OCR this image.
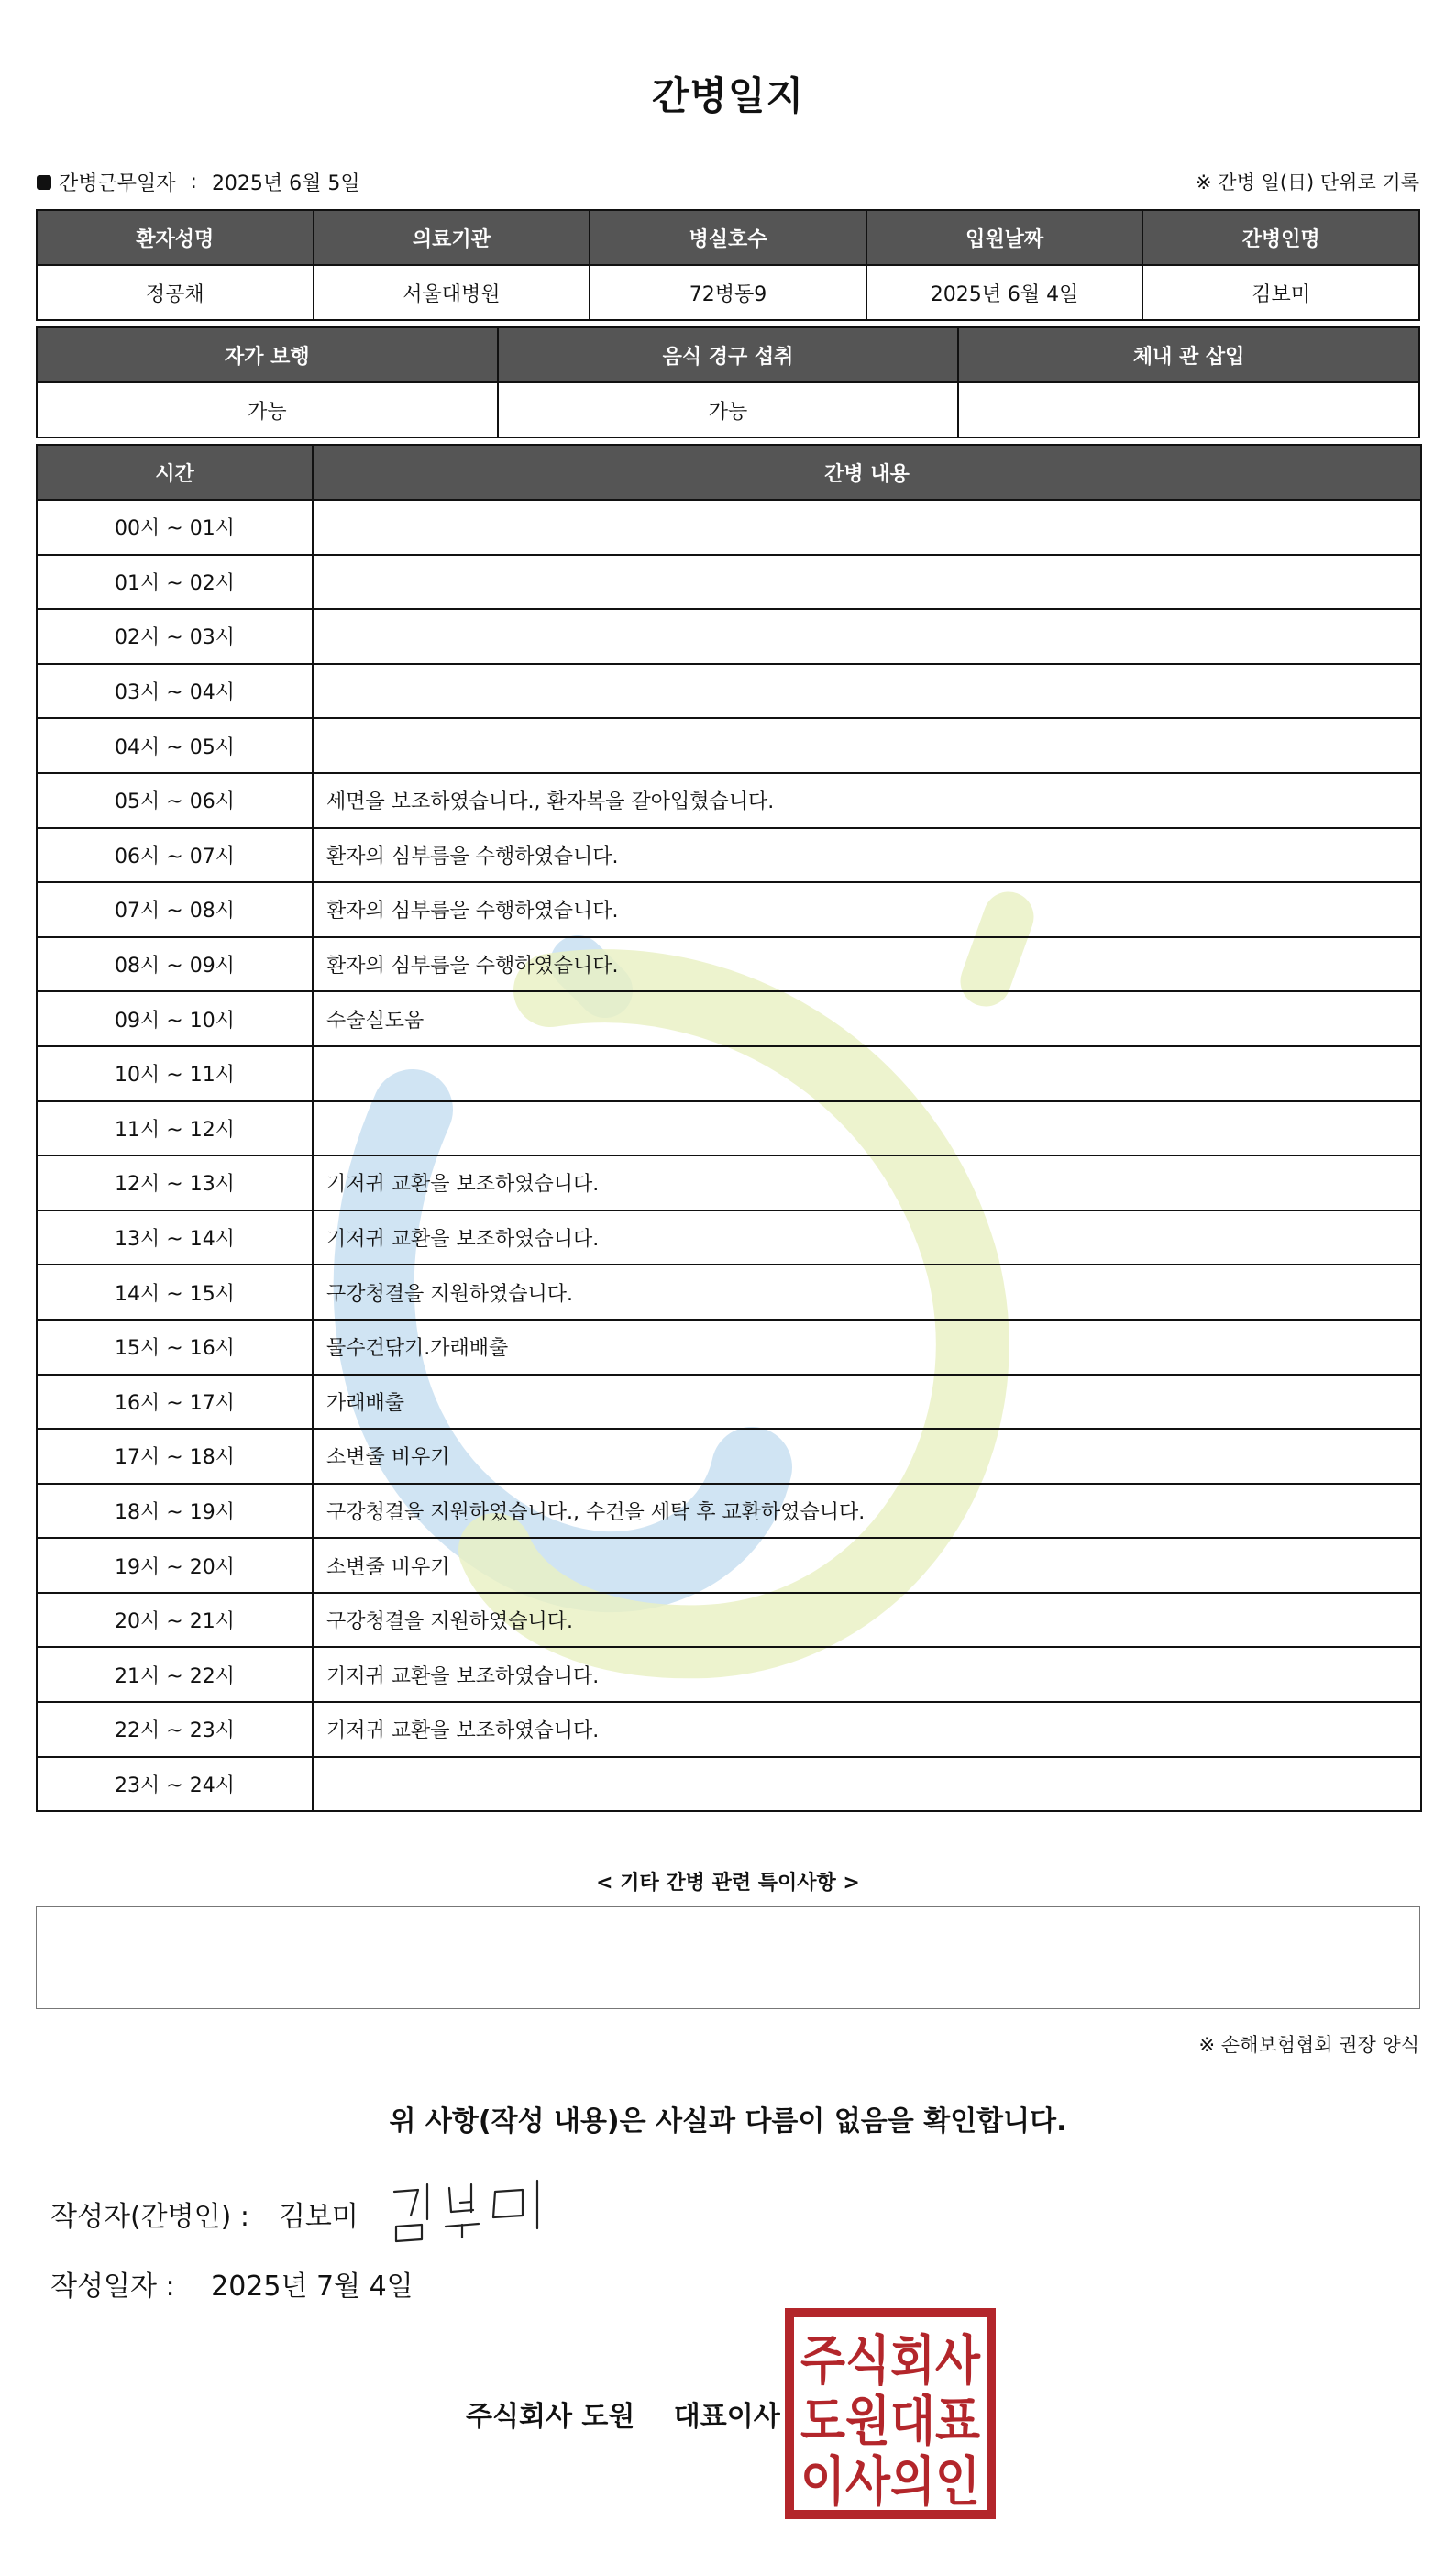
간병일지
간병근무일자 : 2025년 6월 5일	※ 간병 일(日) 단위로 기록
환자성명	의료기관	병실호수	입원날짜	간병인명
정공채	서울대병원	72병동9	2025년 6월 4일	김보미
자가 보행	음식 경구 섭취	체내 관 삽입
가능	가능	
시간	간병 내용
00시 ~ 01시	
01시 ~ 02시	
02시 ~ 03시	
03시 ~ 04시	
04시 ~ 05시	
05시 ~ 06시	세면을 보조하였습니다., 환자복을 갈아입혔습니다.
06시 ~ 07시	환자의 심부름을 수행하였습니다.
07시 ~ 08시	환자의 심부름을 수행하였습니다.
08시 ~ 09시	환자의 심부름을 수행하였습니다.
09시 ~ 10시	수술실도움
10시 ~ 11시	
11시 ~ 12시	
12시 ~ 13시	기저귀 교환을 보조하였습니다.
13시 ~ 14시	기저귀 교환을 보조하였습니다.
14시 ~ 15시	구강청결을 지원하였습니다.
15시 ~ 16시	물수건닦기.가래배출
16시 ~ 17시	가래배출
17시 ~ 18시	소변줄 비우기
18시 ~ 19시	구강청결을 지원하였습니다., 수건을 세탁 후 교환하였습니다.
19시 ~ 20시	소변줄 비우기
20시 ~ 21시	구강청결을 지원하였습니다.
21시 ~ 22시	기저귀 교환을 보조하였습니다.
22시 ~ 23시	기저귀 교환을 보조하였습니다.
23시 ~ 24시	
< 기타 간병 관련 특이사항 >
※ 손해보험협회 권장 양식
위 사항(작성 내용)은 사실과 다름이 없음을 확인합니다.
작성자(간병인) : 김보미
작성일자 : 2025년 7월 4일
주식회사 도원 대표이사
주식회사
도원대표
이사의인
